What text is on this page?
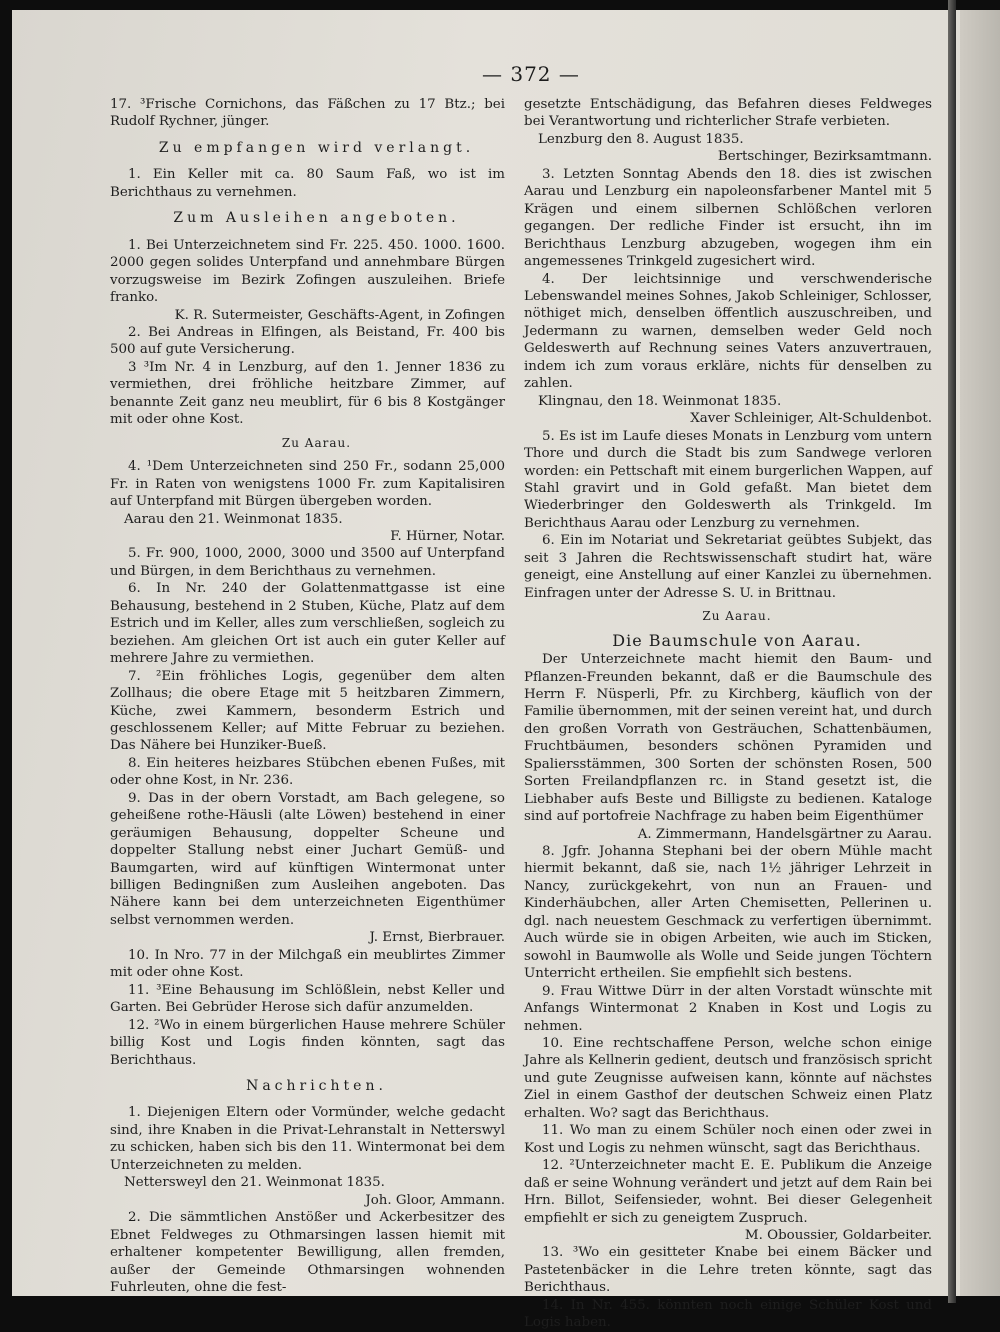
— 372 —

17. ³Frische Cornichons, das Fäßchen zu 17 Btz.; bei Rudolf Rychner, jünger.

Zu empfangen wird verlangt.

1. Ein Keller mit ca. 80 Saum Faß, wo ist im Berichthaus zu vernehmen.

Zum Ausleihen angeboten.

1. Bei Unterzeichnetem sind Fr. 225. 450. 1000. 1600. 2000 gegen solides Unterpfand und annehmbare Bürgen vorzugsweise im Bezirk Zofingen auszuleihen. Briefe franko.

K. R. Sutermeister, Geschäfts-Agent, in Zofingen

2. Bei Andreas in Elfingen, als Beistand, Fr. 400 bis 500 auf gute Versicherung.

3 ³Im Nr. 4 in Lenzburg, auf den 1. Jenner 1836 zu vermiethen, drei fröhliche heitzbare Zimmer, auf benannte Zeit ganz neu meublirt, für 6 bis 8 Kostgänger mit oder ohne Kost.

Zu Aarau.

4. ¹Dem Unterzeichneten sind 250 Fr., sodann 25,000 Fr. in Raten von wenigstens 1000 Fr. zum Kapitalisiren auf Unterpfand mit Bürgen übergeben worden.

Aarau den 21. Weinmonat 1835.

F. Hürner, Notar.

5. Fr. 900, 1000, 2000, 3000 und 3500 auf Unterpfand und Bürgen, in dem Berichthaus zu vernehmen.

6. In Nr. 240 der Golattenmattgasse ist eine Behausung, bestehend in 2 Stuben, Küche, Platz auf dem Estrich und im Keller, alles zum verschließen, sogleich zu beziehen. Am gleichen Ort ist auch ein guter Keller auf mehrere Jahre zu vermiethen.

7. ²Ein fröhliches Logis, gegenüber dem alten Zollhaus; die obere Etage mit 5 heitzbaren Zimmern, Küche, zwei Kammern, besonderm Estrich und geschlossenem Keller; auf Mitte Februar zu beziehen. Das Nähere bei Hunziker-Bueß.

8. Ein heiteres heizbares Stübchen ebenen Fußes, mit oder ohne Kost, in Nr. 236.

9. Das in der obern Vorstadt, am Bach gelegene, so geheißene rothe-Häusli (alte Löwen) bestehend in einer geräumigen Behausung, doppelter Scheune und doppelter Stallung nebst einer Juchart Gemüß- und Baumgarten, wird auf künftigen Wintermonat unter billigen Bedingnißen zum Ausleihen angeboten. Das Nähere kann bei dem unterzeichneten Eigenthümer selbst vernommen werden.

J. Ernst, Bierbrauer.

10. In Nro. 77 in der Milchgaß ein meublirtes Zimmer mit oder ohne Kost.

11. ³Eine Behausung im Schlößlein, nebst Keller und Garten. Bei Gebrüder Herose sich dafür anzumelden.

12. ²Wo in einem bürgerlichen Hause mehrere Schüler billig Kost und Logis finden könnten, sagt das Berichthaus.

Nachrichten.

1. Diejenigen Eltern oder Vormünder, welche gedacht sind, ihre Knaben in die Privat-Lehranstalt in Netterswyl zu schicken, haben sich bis den 11. Wintermonat bei dem Unterzeichneten zu melden.

Nettersweyl den 21. Weinmonat 1835.

Joh. Gloor, Ammann.

2. Die sämmtlichen Anstößer und Ackerbesitzer des Ebnet Feldweges zu Othmarsingen lassen hiemit mit erhaltener kompetenter Bewilligung, allen fremden, außer der Gemeinde Othmarsingen wohnenden Fuhrleuten, ohne die fest-

gesetzte Entschädigung, das Befahren dieses Feldweges bei Verantwortung und richterlicher Strafe verbieten.

Lenzburg den 8. August 1835.

Bertschinger, Bezirksamtmann.

3. Letzten Sonntag Abends den 18. dies ist zwischen Aarau und Lenzburg ein napoleonsfarbener Mantel mit 5 Krägen und einem silbernen Schlößchen verloren gegangen. Der redliche Finder ist ersucht, ihn im Berichthaus Lenzburg abzugeben, wogegen ihm ein angemessenes Trinkgeld zugesichert wird.

4. Der leichtsinnige und verschwenderische Lebenswandel meines Sohnes, Jakob Schleiniger, Schlosser, nöthiget mich, denselben öffentlich auszuschreiben, und Jedermann zu warnen, demselben weder Geld noch Geldeswerth auf Rechnung seines Vaters anzuvertrauen, indem ich zum voraus erkläre, nichts für denselben zu zahlen.

Klingnau, den 18. Weinmonat 1835.

Xaver Schleiniger, Alt-Schuldenbot.

5. Es ist im Laufe dieses Monats in Lenzburg vom untern Thore und durch die Stadt bis zum Sandwege verloren worden: ein Pettschaft mit einem burgerlichen Wappen, auf Stahl gravirt und in Gold gefaßt. Man bietet dem Wiederbringer den Goldeswerth als Trinkgeld. Im Berichthaus Aarau oder Lenzburg zu vernehmen.

6. Ein im Notariat und Sekretariat geübtes Subjekt, das seit 3 Jahren die Rechtswissenschaft studirt hat, wäre geneigt, eine Anstellung auf einer Kanzlei zu übernehmen. Einfragen unter der Adresse S. U. in Brittnau.

Zu Aarau.

Die Baumschule von Aarau.

Der Unterzeichnete macht hiemit den Baum- und Pflanzen-Freunden bekannt, daß er die Baumschule des Herrn F. Nüsperli, Pfr. zu Kirchberg, käuflich von der Familie übernommen, mit der seinen vereint hat, und durch den großen Vorrath von Gesträuchen, Schattenbäumen, Fruchtbäumen, besonders schönen Pyramiden und Spaliersstämmen, 300 Sorten der schönsten Rosen, 500 Sorten Freilandpflanzen rc. in Stand gesetzt ist, die Liebhaber aufs Beste und Billigste zu bedienen. Kataloge sind auf portofreie Nachfrage zu haben beim Eigenthümer

A. Zimmermann, Handelsgärtner zu Aarau.

8. Jgfr. Johanna Stephani bei der obern Mühle macht hiermit bekannt, daß sie, nach 1½ jähriger Lehrzeit in Nancy, zurückgekehrt, von nun an Frauen- und Kinderhäubchen, aller Arten Chemisetten, Pellerinen u. dgl. nach neuestem Geschmack zu verfertigen übernimmt. Auch würde sie in obigen Arbeiten, wie auch im Sticken, sowohl in Baumwolle als Wolle und Seide jungen Töchtern Unterricht ertheilen. Sie empfiehlt sich bestens.

9. Frau Wittwe Dürr in der alten Vorstadt wünschte mit Anfangs Wintermonat 2 Knaben in Kost und Logis zu nehmen.

10. Eine rechtschaffene Person, welche schon einige Jahre als Kellnerin gedient, deutsch und französisch spricht und gute Zeugnisse aufweisen kann, könnte auf nächstes Ziel in einem Gasthof der deutschen Schweiz einen Platz erhalten. Wo? sagt das Berichthaus.

11. Wo man zu einem Schüler noch einen oder zwei in Kost und Logis zu nehmen wünscht, sagt das Berichthaus.

12. ²Unterzeichneter macht E. E. Publikum die Anzeige daß er seine Wohnung verändert und jetzt auf dem Rain bei Hrn. Billot, Seifensieder, wohnt. Bei dieser Gelegenheit empfiehlt er sich zu geneigtem Zuspruch.

M. Oboussier, Goldarbeiter.

13. ³Wo ein gesitteter Knabe bei einem Bäcker und Pastetenbäcker in die Lehre treten könnte, sagt das Berichthaus.

14. In Nr. 455. könnten noch einige Schüler Kost und Logis haben.
